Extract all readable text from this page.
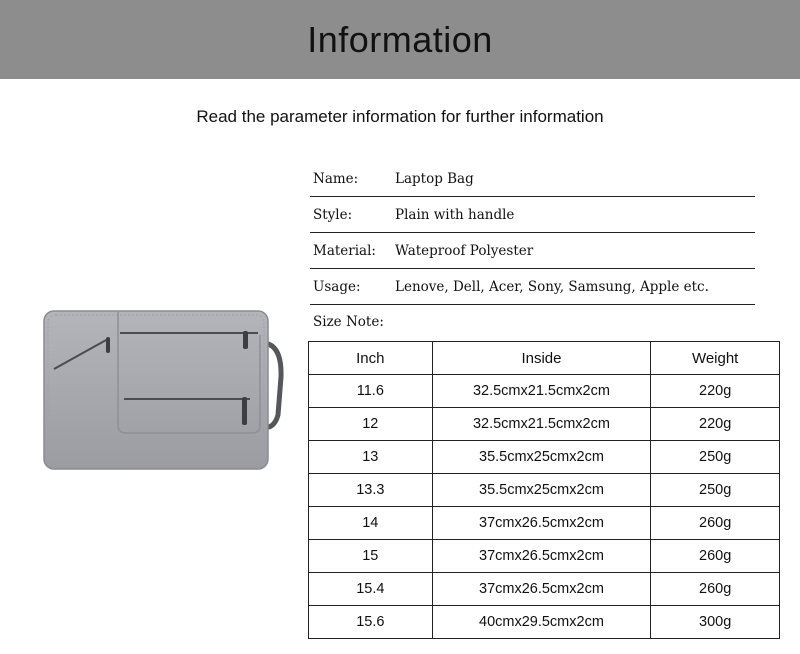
Information
Read the parameter information for further information
Name:	Laptop Bag
Style:	Plain with handle
Material:	Wateproof Polyester
Usage:	Lenove, Dell, Acer, Sony, Samsung, Apple etc.
Size Note:
Inch	Inside	Weight
11.6	32.5cmx21.5cmx2cm	220g
12	32.5cmx21.5cmx2cm	220g
13	35.5cmx25cmx2cm	250g
13.3	35.5cmx25cmx2cm	250g
14	37cmx26.5cmx2cm	260g
15	37cmx26.5cmx2cm	260g
15.4	37cmx26.5cmx2cm	260g
15.6	40cmx29.5cmx2cm	300g
